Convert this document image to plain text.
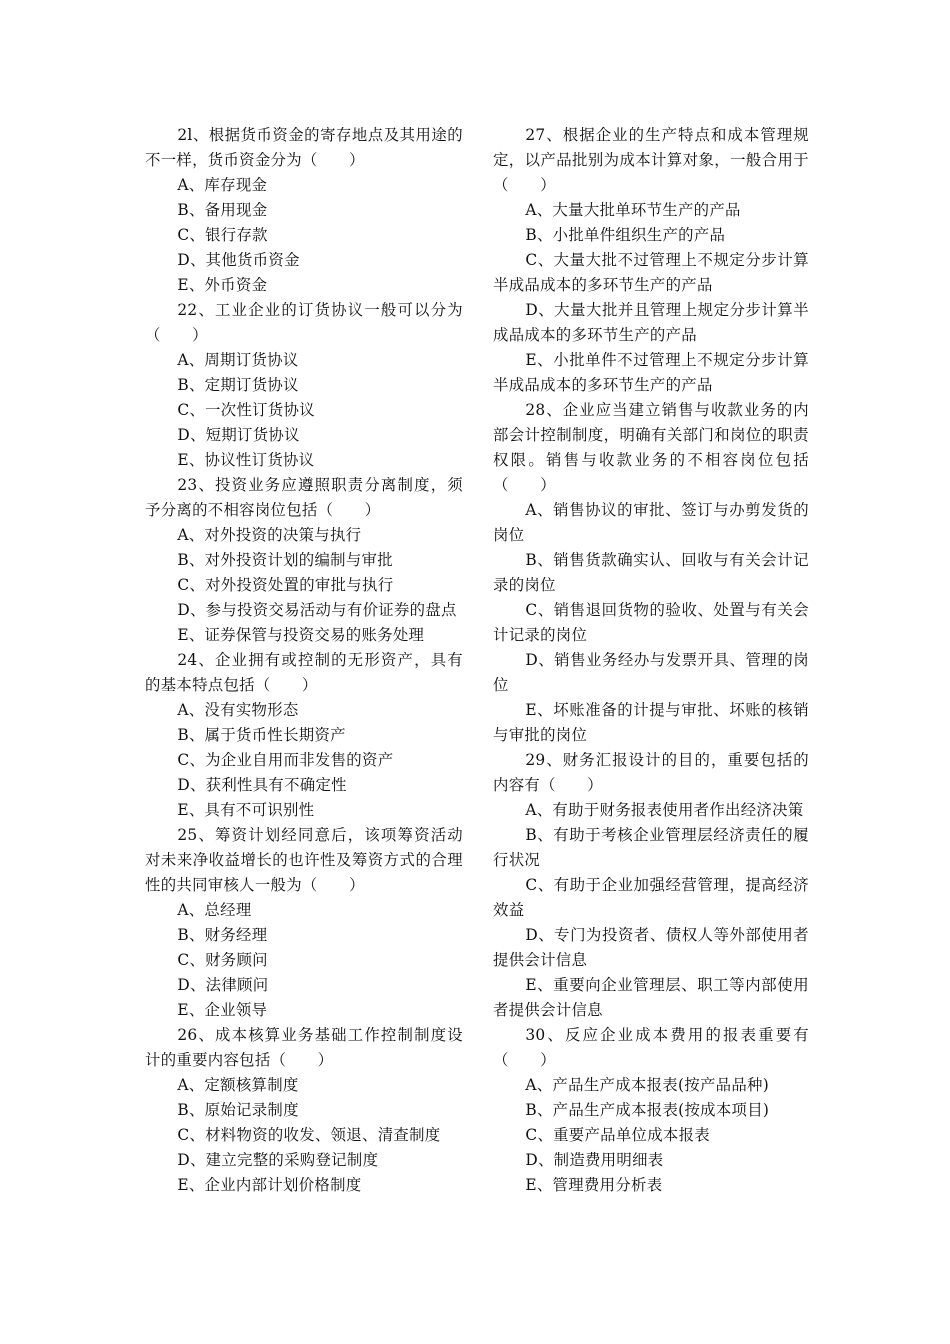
2l、根据货币资金的寄存地点及其用途的不一样，货币资金分为（　　）

A、库存现金

B、备用现金

C、银行存款

D、其他货币资金

E、外币资金

22、工业企业的订货协议一般可以分为（　　）

A、周期订货协议

B、定期订货协议

C、一次性订货协议

D、短期订货协议

E、协议性订货协议

23、投资业务应遵照职责分离制度，须予分离的不相容岗位包括（　　）

A、对外投资的决策与执行

B、对外投资计划的编制与审批

C、对外投资处置的审批与执行

D、参与投资交易活动与有价证券的盘点

E、证券保管与投资交易的账务处理

24、企业拥有或控制的无形资产，具有的基本特点包括（　　）

A、没有实物形态

B、属于货币性长期资产

C、为企业自用而非发售的资产

D、获利性具有不确定性

E、具有不可识别性

25、筹资计划经同意后，该项筹资活动对未来净收益增长的也许性及筹资方式的合理性的共同审核人一般为（　　）

A、总经理

B、财务经理

C、财务顾问

D、法律顾问

E、企业领导

26、成本核算业务基础工作控制制度设计的重要内容包括（　　）

A、定额核算制度

B、原始记录制度

C、材料物资的收发、领退、清查制度

D、建立完整的采购登记制度

E、企业内部计划价格制度

27、根据企业的生产特点和成本管理规定，以产品批别为成本计算对象，一般合用于（　　）

A、大量大批单环节生产的产品

B、小批单件组织生产的产品

C、大量大批不过管理上不规定分步计算半成品成本的多环节生产的产品

D、大量大批并且管理上规定分步计算半成品成本的多环节生产的产品

E、小批单件不过管理上不规定分步计算半成品成本的多环节生产的产品

28、企业应当建立销售与收款业务的内部会计控制制度，明确有关部门和岗位的职责权限。销售与收款业务的不相容岗位包括（　　）

A、销售协议的审批、签订与办剪发货的岗位

B、销售货款确实认、回收与有关会计记录的岗位

C、销售退回货物的验收、处置与有关会计记录的岗位

D、销售业务经办与发票开具、管理的岗位

E、坏账准备的计提与审批、坏账的核销与审批的岗位

29、财务汇报设计的目的，重要包括的内容有（　　）

A、有助于财务报表使用者作出经济决策

B、有助于考核企业管理层经济责任的履行状况

C、有助于企业加强经营管理，提高经济效益

D、专门为投资者、债权人等外部使用者提供会计信息

E、重要向企业管理层、职工等内部使用者提供会计信息

30、反应企业成本费用的报表重要有（　　）

A、产品生产成本报表(按产品品种)

B、产品生产成本报表(按成本项目)

C、重要产品单位成本报表

D、制造费用明细表

E、管理费用分析表
